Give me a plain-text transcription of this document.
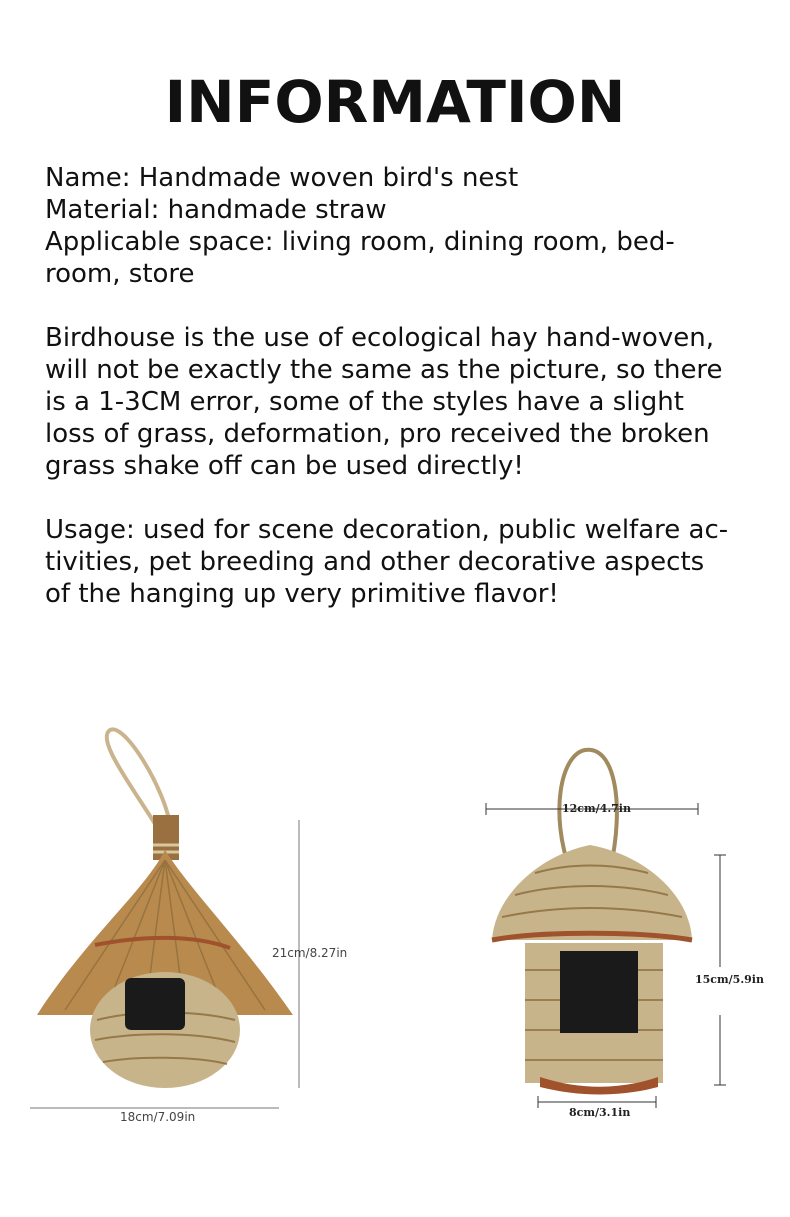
INFORMATION

Name: Handmade woven bird's nest

Material: handmade straw

Applicable space: living room, dining room, bed-

room, store

Birdhouse is the use of ecological hay hand-woven,

will not be exactly the same as the picture, so there

is a 1-3CM error, some of the styles have a slight

loss of grass, deformation, pro received the broken

grass shake off can be used directly!

Usage: used for scene decoration, public welfare ac-

tivities, pet breeding and other decorative aspects

of the hanging up very primitive flavor!

21cm/8.27in
18cm/7.09in
12cm/4.7in
15cm/5.9in
8cm/3.1in
